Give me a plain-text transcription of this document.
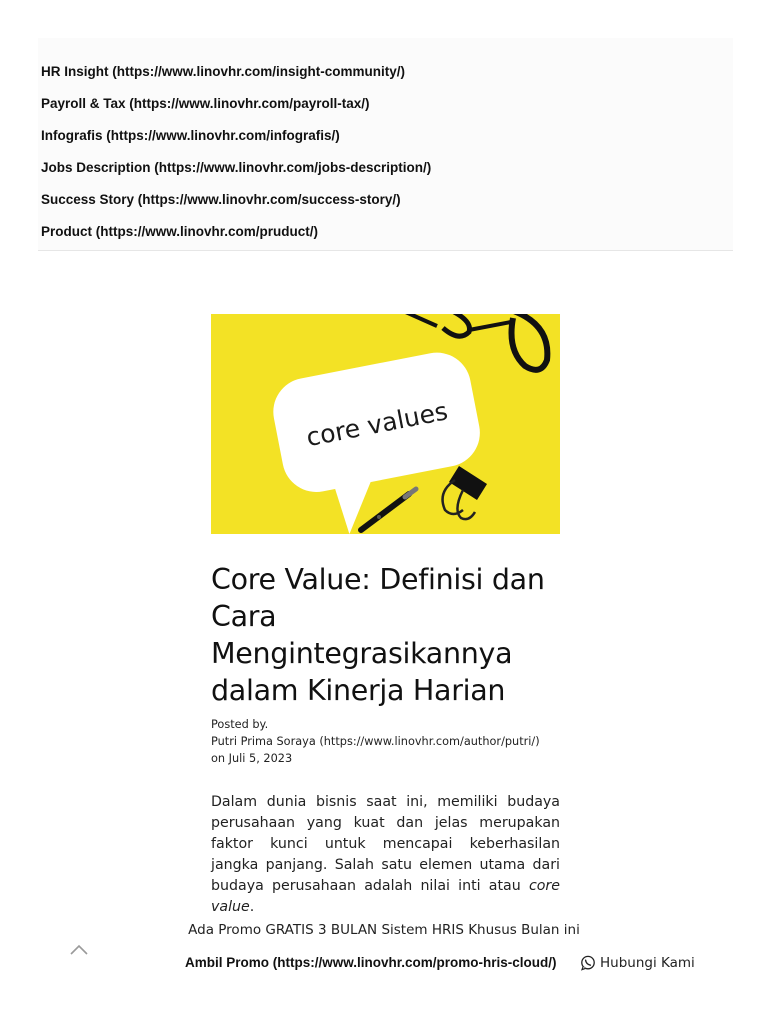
HR Insight (https://www.linovhr.com/insight-community/)
Payroll & Tax (https://www.linovhr.com/payroll-tax/)
Infografis (https://www.linovhr.com/infografis/)
Jobs Description (https://www.linovhr.com/jobs-description/)
Success Story (https://www.linovhr.com/success-story/)
Product (https://www.linovhr.com/pruduct/)
core values
Core Value: Definisi dan Cara Mengintegrasikannya dalam Kinerja Harian
Posted by.
Putri Prima Soraya (https://www.linovhr.com/author/putri/)
on Juli 5, 2023

Dalam dunia bisnis saat ini, memiliki budaya perusahaan yang kuat dan jelas merupakan faktor kunci untuk mencapai keberhasilan jangka panjang. Salah satu elemen utama dari budaya perusahaan adalah nilai inti atau core value.

Ada Promo GRATIS 3 BULAN Sistem HRIS Khusus Bulan ini
Ambil Promo (https://www.linovhr.com/promo-hris-cloud/)	Hubungi Kami
